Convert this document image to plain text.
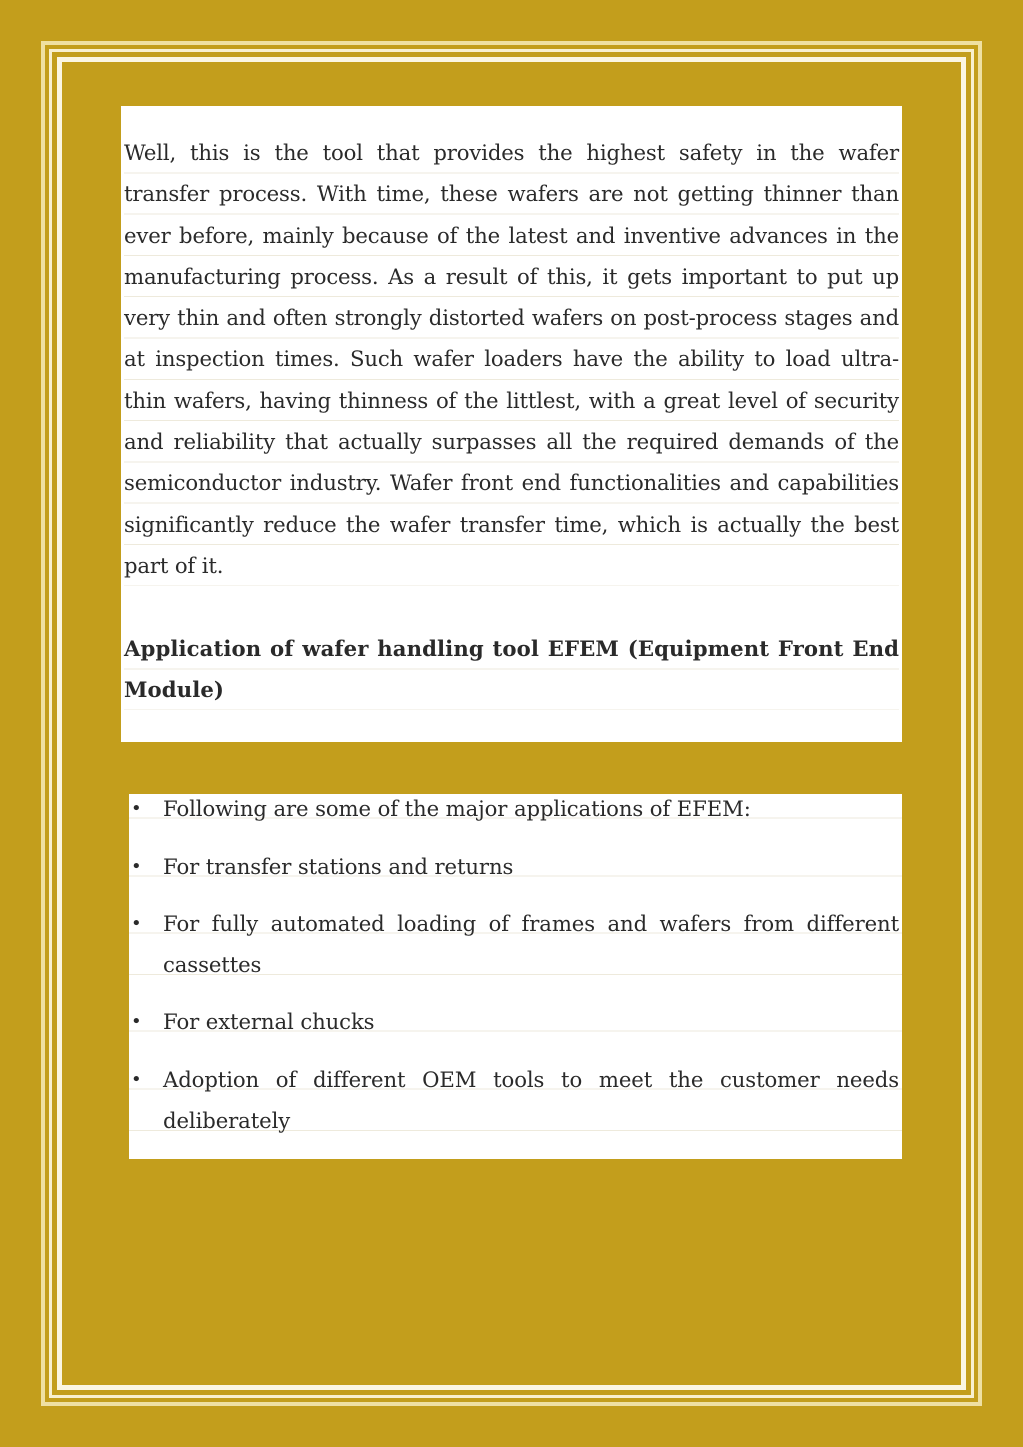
Well, this is the tool that provides the highest safety in the wafer transfer process. With time, these wafers are not getting thinner than ever before, mainly because of the latest and inventive advances in the manufacturing process. As a result of this, it gets important to put up very thin and often strongly distorted wafers on post-process stages and at inspection times. Such wafer loaders have the ability to load ultra-thin wafers, having thinness of the littlest, with a great level of security and reliability that actually surpasses all the required demands of the semiconductor industry. Wafer front end functionalities and capabilities significantly reduce the wafer transfer time, which is actually the best part of it.

Application of wafer handling tool EFEM (Equipment Front End Module)
• Following are some of the major applications of EFEM:
• For transfer stations and returns
• For fully automated loading of frames and wafers from different cassettes
• For external chucks
• Adoption of different OEM tools to meet the customer needs deliberately
